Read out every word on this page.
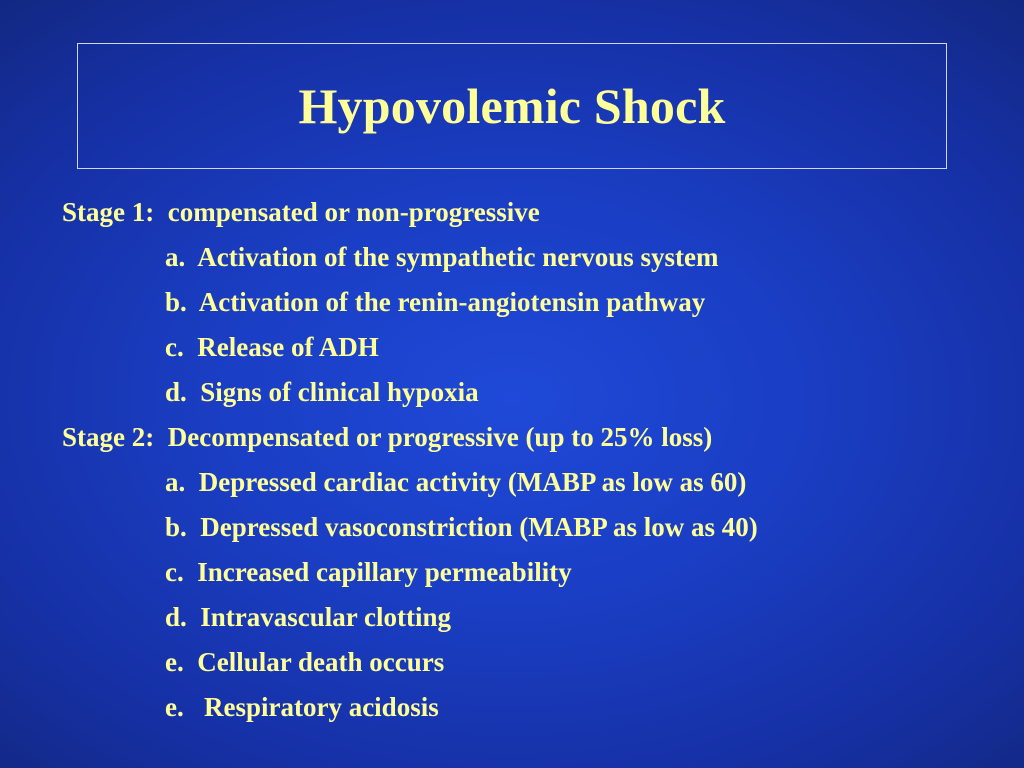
Hypovolemic Shock
Stage 1:  compensated or non-progressive
a.  Activation of the sympathetic nervous system
b.  Activation of the renin-angiotensin pathway
c.  Release of ADH
d.  Signs of clinical hypoxia
Stage 2:  Decompensated or progressive (up to 25% loss)
a.  Depressed cardiac activity (MABP as low as 60)
b.  Depressed vasoconstriction (MABP as low as 40)
c.  Increased capillary permeability
d.  Intravascular clotting
e.  Cellular death occurs
e.   Respiratory acidosis
